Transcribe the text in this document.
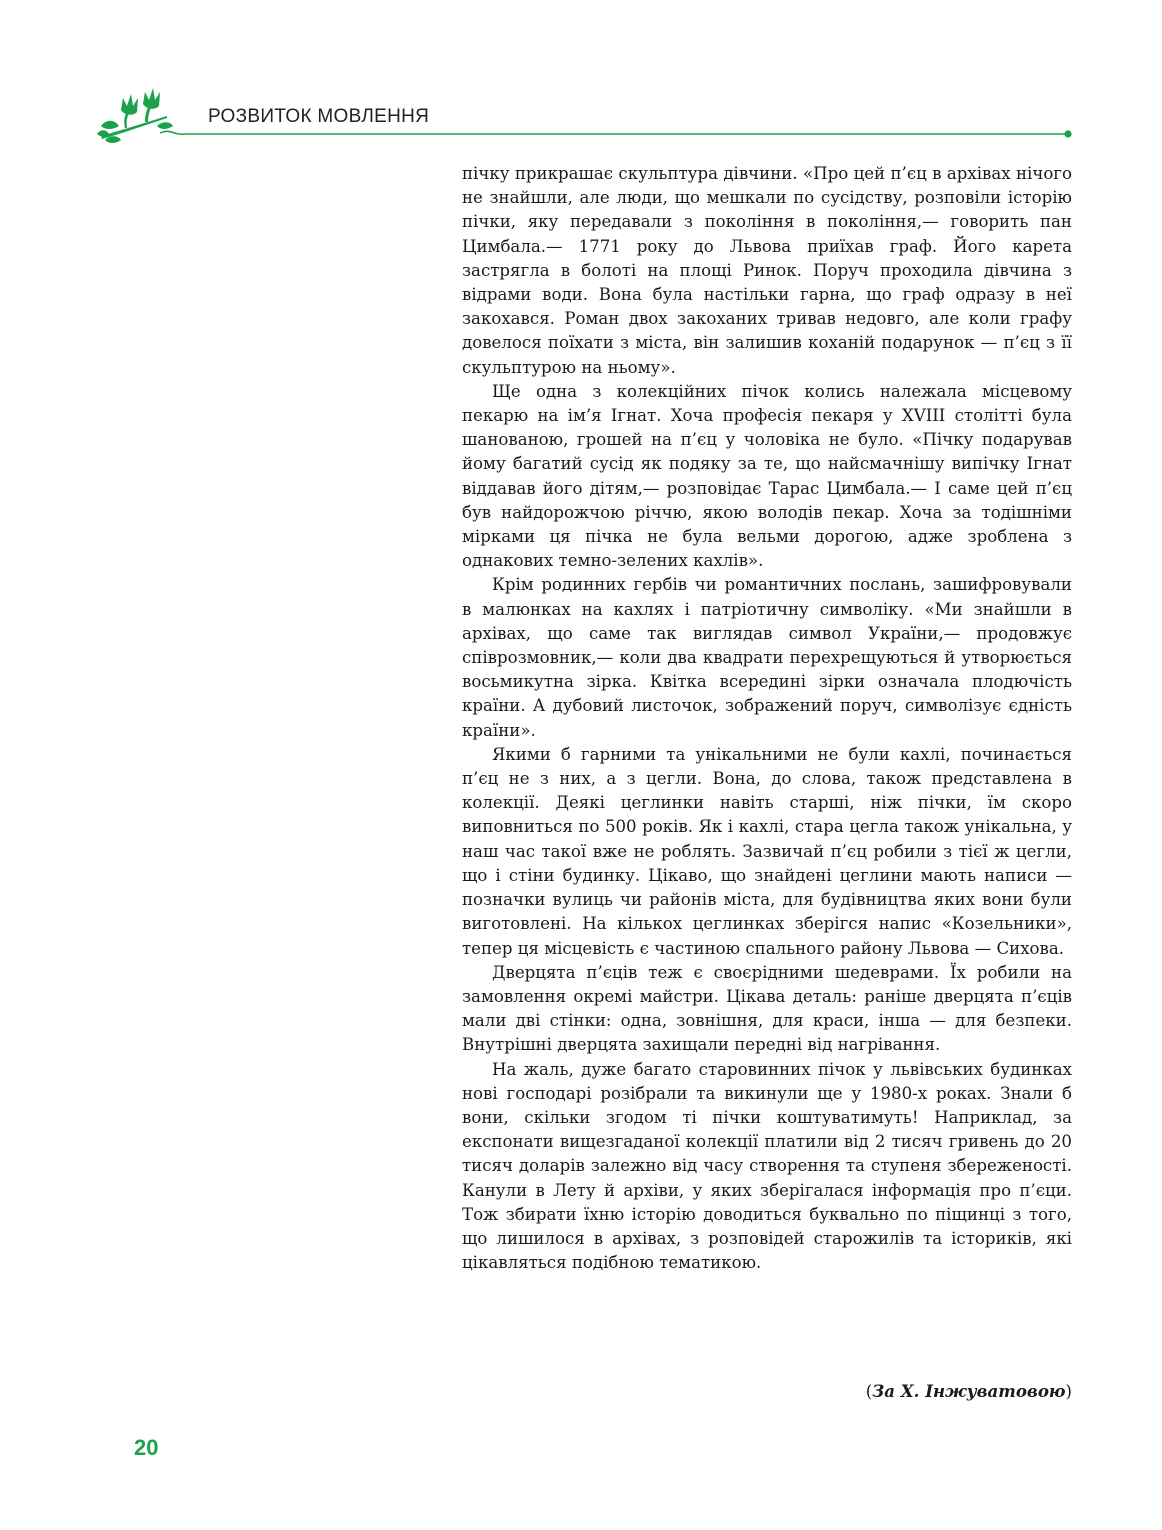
РОЗВИТОК МОВЛЕННЯ

пічку прикрашає скульптура дівчини. «Про цей п’єц в архівах нічого не знайшли, але люди, що мешкали по сусідству, розповіли історію пічки, яку передавали з покоління в покоління,— говорить пан Цимбала.— 1771 року до Львова приїхав граф. Його карета застрягла в болоті на площі Ринок. Поруч проходила дівчина з відрами води. Вона була настільки гарна, що граф одразу в неї закохався. Роман двох закоханих тривав недовго, але коли графу довелося поїхати з міста, він залишив коханій подарунок — п’єц з її скульптурою на ньому».

Ще одна з колекційних пічок колись належала місцевому пекарю на ім’я Ігнат. Хоча професія пекаря у XVIII столітті була шанованою, грошей на п’єц у чоловіка не було. «Пічку подарував йому багатий сусід як подяку за те, що найсмачнішу випічку Ігнат віддавав його дітям,— розповідає Тарас Цимбала.— І саме цей п’єц був найдорожчою річчю, якою володів пекар. Хоча за тодішніми мірками ця пічка не була вельми дорогою, адже зроблена з однакових темно-зелених кахлів».

Крім родинних гербів чи романтичних послань, зашифровували в малюнках на кахлях і патріотичну символіку. «Ми знайшли в архівах, що саме так виглядав символ України,— продовжує співрозмовник,— коли два квадрати перехрещуються й утворюється восьмикутна зірка. Квітка всередині зірки означала плодючість країни. А дубовий листочок, зображений поруч, символізує єдність країни».

Якими б гарними та унікальними не були кахлі, починається п’єц не з них, а з цегли. Вона, до слова, також представлена в колекції. Деякі цеглинки навіть старші, ніж пічки, їм скоро виповниться по 500 років. Як і кахлі, стара цегла також унікальна, у наш час такої вже не роблять. Зазвичай п’єц робили з тієї ж цегли, що і стіни будинку. Цікаво, що знайдені цеглини мають написи — позначки вулиць чи районів міста, для будівництва яких вони були виготовлені. На кількох цеглинках зберігся напис «Козельники», тепер ця місцевість є частиною спального району Львова — Сихова.

Дверцята п’єців теж є своєрідними шедеврами. Їх робили на замовлення окремі майстри. Цікава деталь: раніше дверцята п’єців мали дві стінки: одна, зовнішня, для краси, інша — для безпеки. Внутрішні дверцята захищали передні від нагрівання.

На жаль, дуже багато старовинних пічок у львівських будинках нові господарі розібрали та викинули ще у 1980-х роках. Знали б вони, скільки згодом ті пічки коштуватимуть! Наприклад, за експонати вищезгаданої колекції платили від 2 тисяч гривень до 20 тисяч доларів залежно від часу створення та ступеня збереженості. Канули в Лету й архіви, у яких зберігалася інформація про п’єци. Тож збирати їхню історію доводиться буквально по піщинці з того, що лишилося в архівах, з розповідей старожилів та істориків, які цікавляться подібною тематикою.

(За Х. Інжуватовою)
20
